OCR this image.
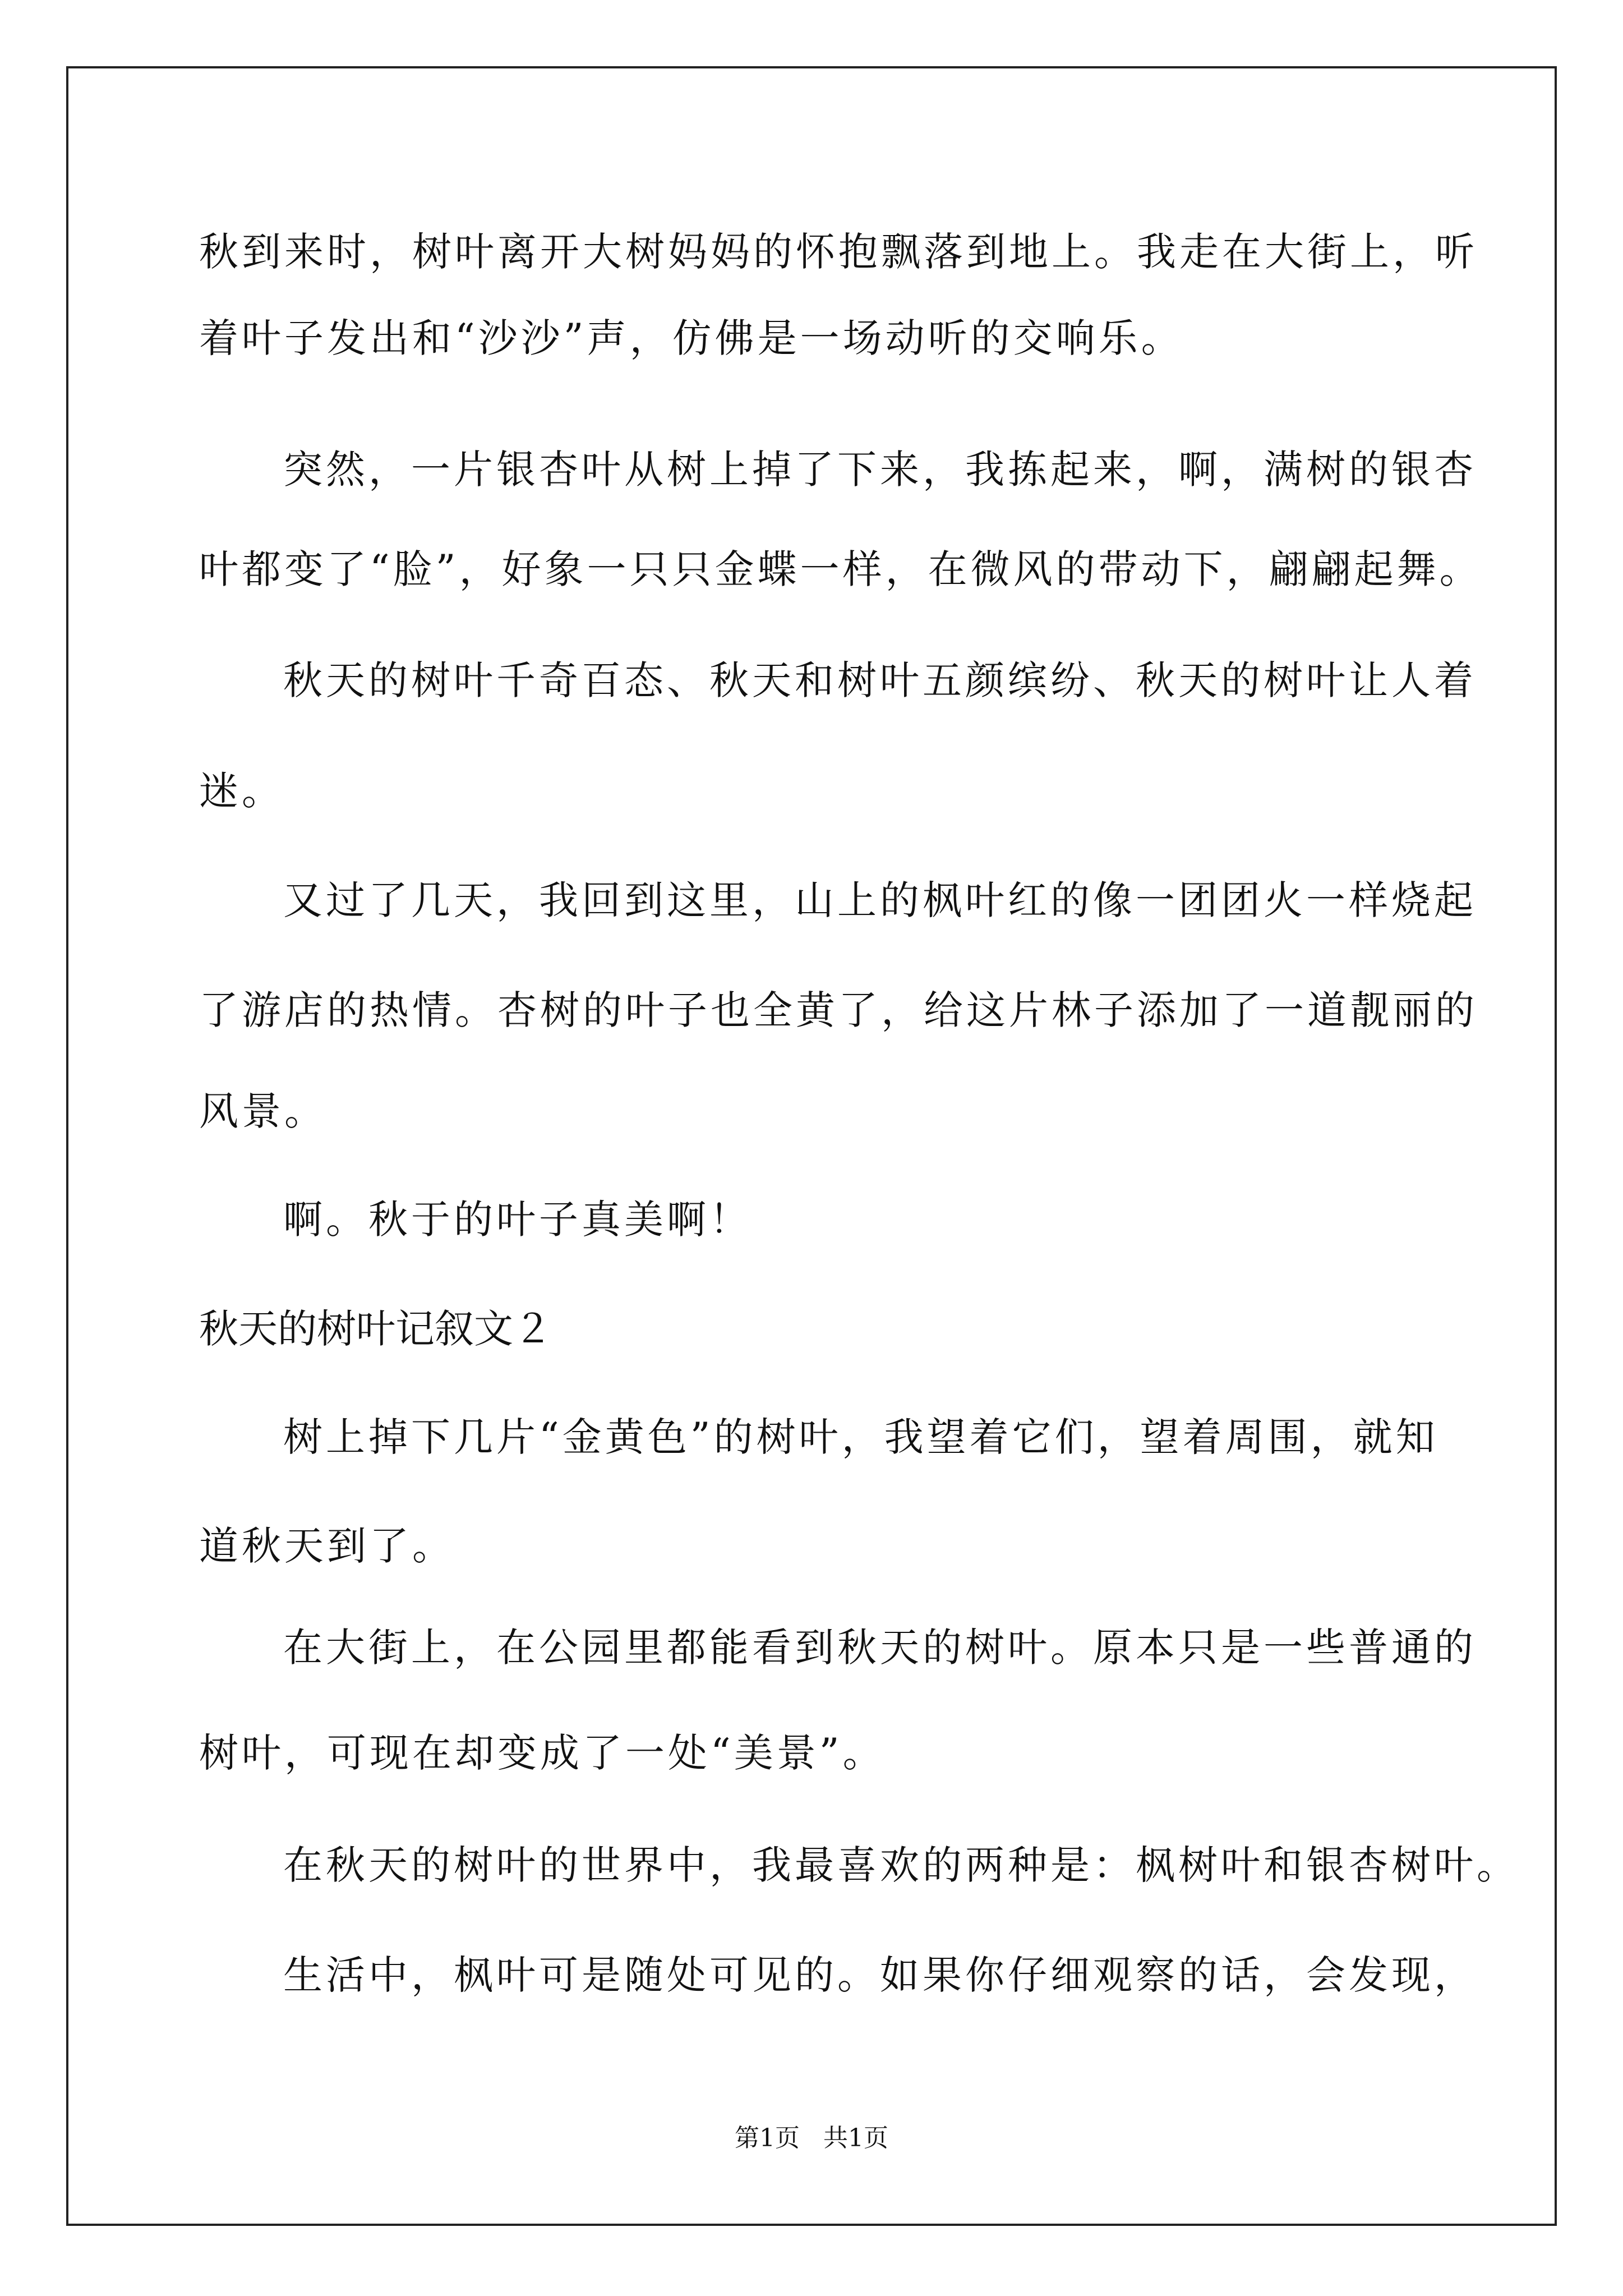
秋到来时，树叶离开大树妈妈的怀抱飘落到地上。我走在大街上，听
着叶子发出和“沙沙”声，仿佛是一场动听的交响乐。
突然，一片银杏叶从树上掉了下来，我拣起来，啊，满树的银杏
叶都变了“脸”，好象一只只金蝶一样，在微风的带动下，翩翩起舞。
秋天的树叶千奇百态、秋天和树叶五颜缤纷、秋天的树叶让人着
迷。
又过了几天，我回到这里，山上的枫叶红的像一团团火一样烧起
了游店的热情。杏树的叶子也全黄了，给这片林子添加了一道靓丽的
风景。
啊。秋于的叶子真美啊！
秋天的树叶记叙文２
树上掉下几片“金黄色”的树叶，我望着它们，望着周围，就知
道秋天到了。
在大街上，在公园里都能看到秋天的树叶。原本只是一些普通的
树叶，可现在却变成了一处“美景”。
在秋天的树叶的世界中，我最喜欢的两种是：枫树叶和银杏树叶。
生活中，枫叶可是随处可见的。如果你仔细观察的话，会发现，
第1页   共1页
